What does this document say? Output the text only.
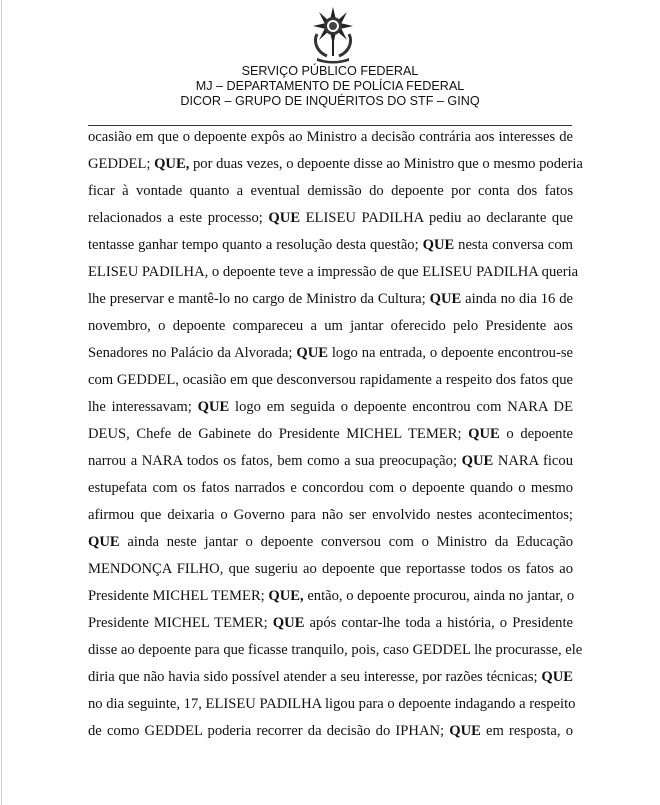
SERVIÇO PÚBLICO FEDERAL
MJ – DEPARTAMENTO DE POLÍCIA FEDERAL
DICOR – GRUPO DE INQUÉRITOS DO STF – GINQ
ocasião em que o depoente expôs ao Ministro a decisão contrária aos interesses de
GEDDEL; QUE, por duas vezes, o depoente disse ao Ministro que o mesmo poderia
ficar à vontade quanto a eventual demissão do depoente por conta dos fatos
relacionados a este processo; QUE ELISEU PADILHA pediu ao declarante que
tentasse ganhar tempo quanto a resolução desta questão; QUE nesta conversa com
ELISEU PADILHA, o depoente teve a impressão de que ELISEU PADILHA queria
lhe preservar e mantê-lo no cargo de Ministro da Cultura; QUE ainda no dia 16 de
novembro, o depoente compareceu a um jantar oferecido pelo Presidente aos
Senadores no Palácio da Alvorada; QUE logo na entrada, o depoente encontrou-se
com GEDDEL, ocasião em que desconversou rapidamente a respeito dos fatos que
lhe interessavam; QUE logo em seguida o depoente encontrou com NARA DE
DEUS, Chefe de Gabinete do Presidente MICHEL TEMER; QUE o depoente
narrou a NARA todos os fatos, bem como a sua preocupação; QUE NARA ficou
estupefata com os fatos narrados e concordou com o depoente quando o mesmo
afirmou que deixaria o Governo para não ser envolvido nestes acontecimentos;
QUE ainda neste jantar o depoente conversou com o Ministro da Educação
MENDONÇA FILHO, que sugeriu ao depoente que reportasse todos os fatos ao
Presidente MICHEL TEMER; QUE, então, o depoente procurou, ainda no jantar, o
Presidente MICHEL TEMER; QUE após contar-lhe toda a história, o Presidente
disse ao depoente para que ficasse tranquilo, pois, caso GEDDEL lhe procurasse, ele
diria que não havia sido possível atender a seu interesse, por razões técnicas; QUE
no dia seguinte, 17, ELISEU PADILHA ligou para o depoente indagando a respeito
de como GEDDEL poderia recorrer da decisão do IPHAN; QUE em resposta, o
